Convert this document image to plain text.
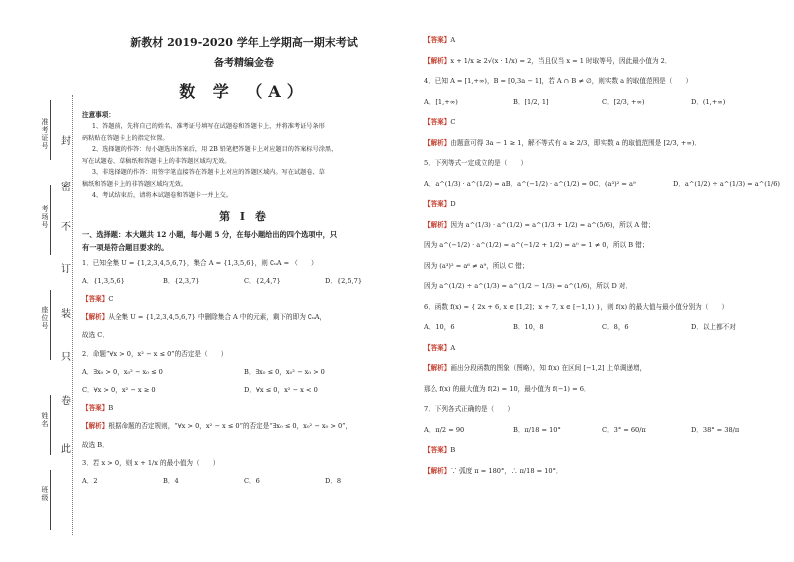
准考证号
考场号
座位号
姓名
班级
封
密
不
订
装
只
卷
此

新教材 2019-2020 学年上学期高一期末考试

备考精编金卷

数 学 （A）

注意事项：

1、答题前，先将自己的姓名、准考证号填写在试题卷和答题卡上，并将准考证号条形

码粘贴在答题卡上的指定位置。

2、选择题的作答：每小题选出答案后，用 2B 铅笔把答题卡上对应题目的答案标号涂黑，

写在试题卷、草稿纸和答题卡上的非答题区域均无效。

3、非选择题的作答：用签字笔直接答在答题卡上对应的答题区域内。写在试题卷、草

稿纸和答题卡上的非答题区域均无效。

4、考试结束后，请将本试题卷和答题卡一并上交。

第 Ⅰ 卷

一、选择题：本大题共 12 小题，每小题 5 分，在每小题给出的四个选项中，只

有一项是符合题目要求的。

1．已知全集 U = {1,2,3,4,5,6,7}，集合 A = {1,3,5,6}，则 ∁ᵤA = （　　）

A．{1,3,5,6}	B．{2,3,7}	C．{2,4,7}	D．{2,5,7}

【答案】C

【解析】从全集 U = {1,2,3,4,5,6,7} 中删除集合 A 中的元素，剩下的即为 ∁ᵤA，

故选 C．

2．命题“∀x > 0，x² − x ≤ 0”的否定是（　　）

A．∃x₀ > 0，x₀² − x₀ ≤ 0	B．∃x₀ ≤ 0，x₀² − x₀ > 0
C．∀x > 0，x² − x ≥ 0	D．∀x ≤ 0，x² − x < 0

【答案】B

【解析】根据命题的否定规则，“∀x > 0，x² − x ≤ 0”的否定是“∃x₀ ≤ 0，x₀² − x₀ > 0”，

故选 B．

3．若 x > 0，则 x + 1/x 的最小值为（　　）

A．2	B．4	C．6	D．8

【答案】A

【解析】x + 1/x ≥ 2√(x · 1/x) = 2，当且仅当 x = 1 时取等号，因此最小值为 2．

4．已知 A = [1,+∞)，B = [0,3a − 1]，若 A ∩ B ≠ ∅，则实数 a 的取值范围是（　　）

A．[1,+∞)	B．[1/2, 1]	C．[2/3, +∞)	D．(1,+∞)

【答案】C

【解析】由题意可得 3a − 1 ≥ 1，解不等式有 a ≥ 2/3，即实数 a 的取值范围是 [2/3, +∞)．

5．下列等式一定成立的是（　　）

A．a^(1/3) · a^(1/2) = a B．a^(−1/2) · a^(1/2) = 0 C．(a³)² = a⁹	D．a^(1/2) ÷ a^(1/3) = a^(1/6)

【答案】D

【解析】因为 a^(1/3) · a^(1/2) = a^(1/3 + 1/2) = a^(5/6)，所以 A 错；

因为 a^(−1/2) · a^(1/2) = a^(−1/2 + 1/2) = a⁰ = 1 ≠ 0，所以 B 错；

因为 (a³)² = a⁶ ≠ a⁹，所以 C 错；

因为 a^(1/2) ÷ a^(1/3) = a^(1/2 − 1/3) = a^(1/6)，所以 D 对．

6．函数 f(x) = { 2x + 6, x ∈ [1,2]；x + 7, x ∈ [−1,1) }，则 f(x) 的最大值与最小值分别为（　　）

A．10，6	B．10，8	C．8，6	D．以上都不对

【答案】A

【解析】画出分段函数的图象（图略），知 f(x) 在区间 [−1,2] 上单调递增，

那么 f(x) 的最大值为 f(2) = 10，最小值为 f(−1) = 6．

7．下列各式正确的是（　　）

A．π/2 = 90	B．π/18 = 10°	C．3° = 60/π	D．38° = 38/π

【答案】B

【解析】∵ 弧度 π = 180°，∴ π/18 = 10°．
